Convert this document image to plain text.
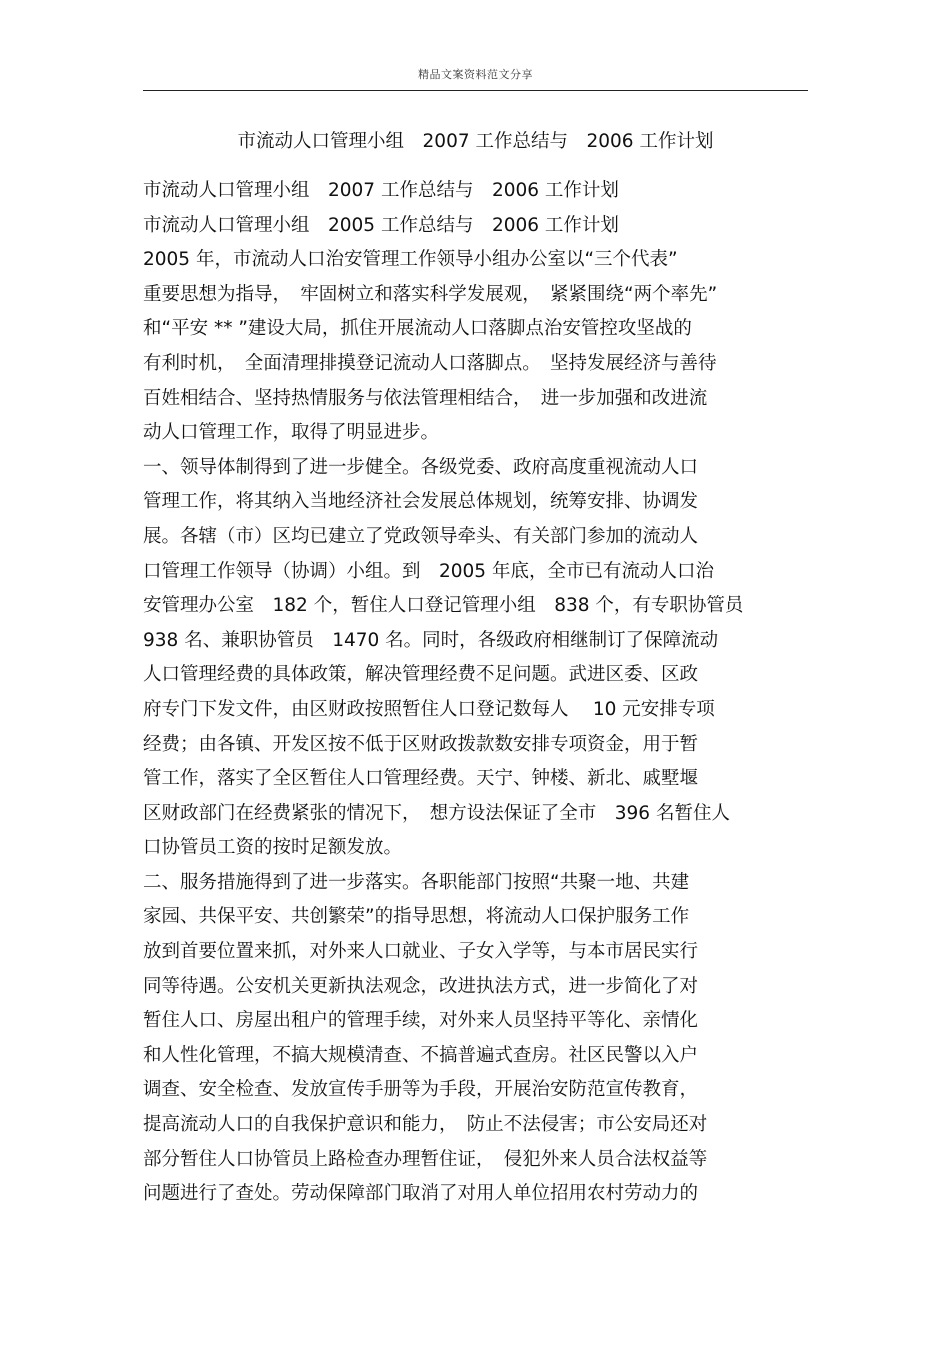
精品文案资料范文分享
市流动人口管理小组　2007 工作总结与　2006 工作计划
市流动人口管理小组　2007 工作总结与　2006 工作计划
市流动人口管理小组　2005 工作总结与　2006 工作计划
2005 年，市流动人口治安管理工作领导小组办公室以“三个代表”
重要思想为指导，　牢固树立和落实科学发展观，　紧紧围绕“两个率先”
和“平安 ** ”建设大局，抓住开展流动人口落脚点治安管控攻坚战的
有利时机，　全面清理排摸登记流动人口落脚点。　坚持发展经济与善待
百姓相结合、坚持热情服务与依法管理相结合，　进一步加强和改进流
动人口管理工作，取得了明显进步。
一、领导体制得到了进一步健全。各级党委、政府高度重视流动人口
管理工作，将其纳入当地经济社会发展总体规划，统筹安排、协调发
展。各辖（市）区均已建立了党政领导牵头、有关部门参加的流动人
口管理工作领导（协调）小组。到　2005 年底，全市已有流动人口治
安管理办公室　182 个，暂住人口登记管理小组　838 个，有专职协管员
938 名、兼职协管员　1470 名。同时，各级政府相继制订了保障流动
人口管理经费的具体政策，解决管理经费不足问题。武进区委、区政
府专门下发文件，由区财政按照暂住人口登记数每人　 10 元安排专项
经费；由各镇、开发区按不低于区财政拨款数安排专项资金，用于暂
管工作，落实了全区暂住人口管理经费。天宁、钟楼、新北、戚墅堰
区财政部门在经费紧张的情况下，　想方设法保证了全市　396 名暂住人
口协管员工资的按时足额发放。
二、服务措施得到了进一步落实。各职能部门按照“共聚一地、共建
家园、共保平安、共创繁荣”的指导思想，将流动人口保护服务工作
放到首要位置来抓，对外来人口就业、子女入学等，与本市居民实行
同等待遇。公安机关更新执法观念，改进执法方式，进一步简化了对
暂住人口、房屋出租户的管理手续，对外来人员坚持平等化、亲情化
和人性化管理，不搞大规模清查、不搞普遍式查房。社区民警以入户
调查、安全检查、发放宣传手册等为手段，开展治安防范宣传教育，
提高流动人口的自我保护意识和能力，　防止不法侵害；市公安局还对
部分暂住人口协管员上路检查办理暂住证，　侵犯外来人员合法权益等
问题进行了查处。劳动保障部门取消了对用人单位招用农村劳动力的
